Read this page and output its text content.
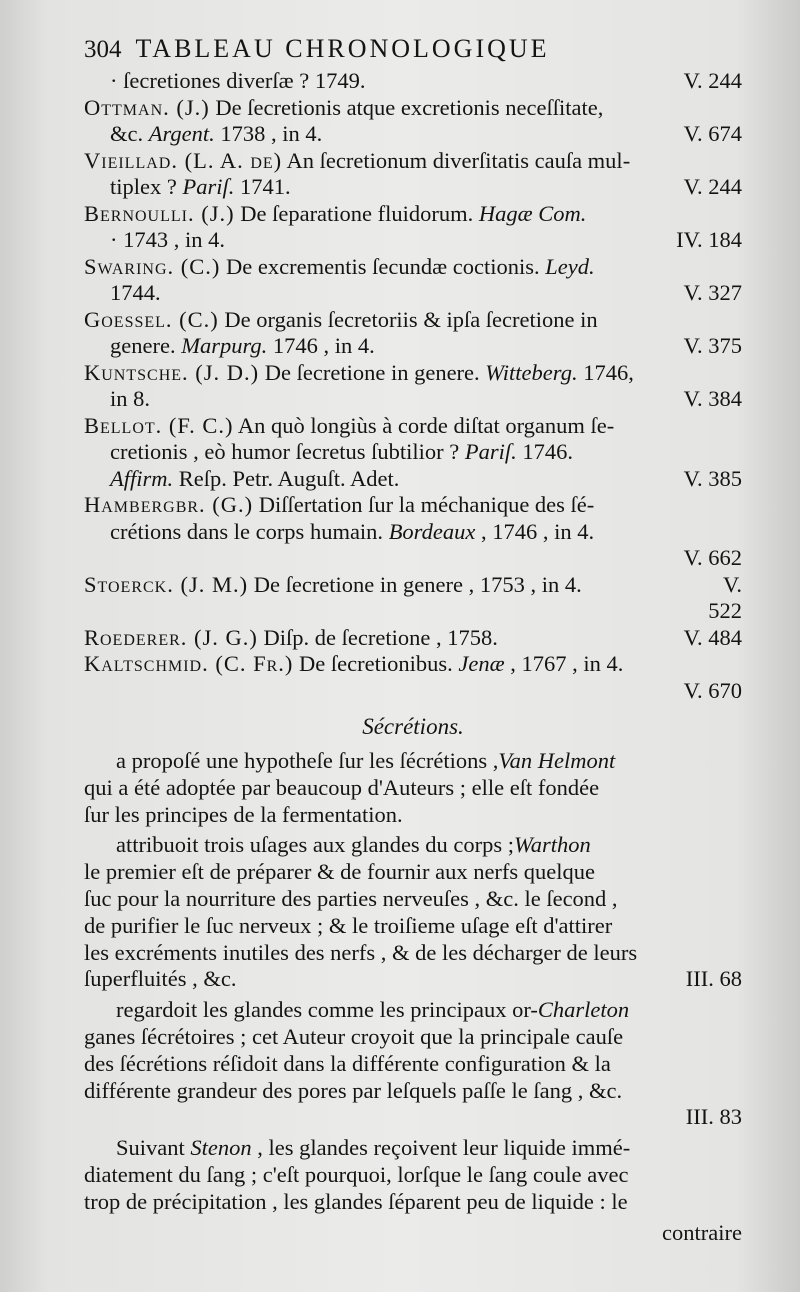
304 TABLEAU CHRONOLOGIQUE
· ſecretiones diverſæ ? 1749.	V. 244
Ottman. (J.) De ſecretionis atque excretionis neceſſitate,
&c. Argent. 1738 , in 4.	V. 674
Vieillad. (L. A. de) An ſecretionum diverſitatis cauſa mul-
tiplex ? Pariſ. 1741.	V. 244
Bernoulli. (J.) De ſeparatione fluidorum. Hagæ Com.
· 1743 , in 4.	IV. 184
Swaring. (C.) De excrementis ſecundæ coctionis. Leyd.
1744.	V. 327
Goessel. (C.) De organis ſecretoriis & ipſa ſecretione in
genere. Marpurg. 1746 , in 4.	V. 375
Kuntsche. (J. D.) De ſecretione in genere. Witteberg. 1746,
in 8.	V. 384
Bellot. (F. C.) An quò longiùs à corde diſtat organum ſe-
cretionis , eò humor ſecretus ſubtilior ? Pariſ. 1746.
Affirm. Reſp. Petr. Auguſt. Adet.	V. 385
Hambergbr. (G.) Diſſertation ſur la méchanique des ſé-
crétions dans le corps humain. Bordeaux , 1746 , in 4.
V. 662
Stoerck. (J. M.) De ſecretione in genere , 1753 , in 4.	V.
522
Roederer. (J. G.) Diſp. de ſecretione , 1758.	V. 484
Kaltschmid. (C. Fr.) De ſecretionibus. Jenæ , 1767 , in 4.
V. 670
Sécrétions.
a propoſé une hypotheſe ſur les ſécrétions ,Van Helmont
qui a été adoptée par beaucoup d'Auteurs ; elle eſt fondée
ſur les principes de la fermentation.
attribuoit trois uſages aux glandes du corps ;Warthon
le premier eſt de préparer & de fournir aux nerfs quelque
ſuc pour la nourriture des parties nerveuſes , &c. le ſecond ,
de purifier le ſuc nerveux ; & le troiſieme uſage eſt d'attirer
les excréments inutiles des nerfs , & de les décharger de leurs
ſuperfluités , &c.	III. 68
regardoit les glandes comme les principaux or-Charleton
ganes ſécrétoires ; cet Auteur croyoit que la principale cauſe
des ſécrétions réſidoit dans la différente configuration & la
différente grandeur des pores par leſquels paſſe le ſang , &c.
III. 83
Suivant Stenon , les glandes reçoivent leur liquide immé-
diatement du ſang ; c'eſt pourquoi, lorſque le ſang coule avec
trop de précipitation , les glandes ſéparent peu de liquide : le
contraire
